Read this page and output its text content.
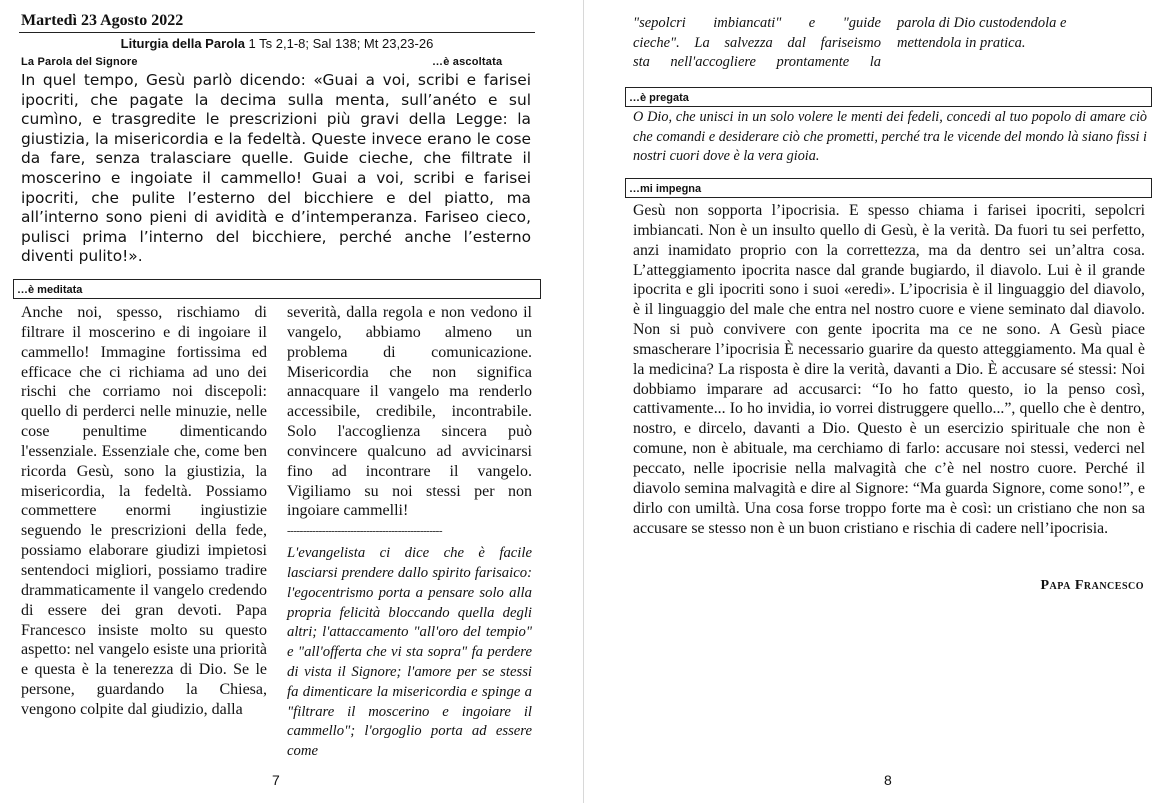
Martedì 23 Agosto 2022
Liturgia della Parola 1 Ts 2,1-8; Sal 138; Mt 23,23-26
La Parola del Signore	…è ascoltata
In quel tempo, Gesù parlò dicendo: «Guai a voi, scribi e farisei ipocriti, che pagate la decima sulla menta, sull’anéto e sul cumìno, e trasgredite le prescrizioni più gravi della Legge: la giustizia, la misericordia e la fedeltà. Queste invece erano le cose da fare, senza tralasciare quelle. Guide cieche, che filtrate il moscerino e ingoiate il cammello! Guai a voi, scribi e farisei ipocriti, che pulite l’esterno del bicchiere e del piatto, ma all’interno sono pieni di avidità e d’intemperanza. Fariseo cieco, pulisci prima l’interno del bicchiere, perché anche l’esterno diventi pulito!».
…è meditata
Anche noi, spesso, rischiamo di filtrare il moscerino e di ingoiare il cammello! Immagine fortissima ed efficace che ci richiama ad uno dei rischi che corriamo noi discepoli: quello di perderci nelle minuzie, nelle cose penultime dimenticando l'essenziale. Essenziale che, come ben ricorda Gesù, sono la giustizia, la misericordia, la fedeltà. Possiamo commettere enormi ingiustizie seguendo le prescrizioni della fede, possiamo elaborare giudizi impietosi sentendoci migliori, possiamo tradire drammaticamente il vangelo credendo di essere dei gran devoti. Papa Francesco insiste molto su questo aspetto: nel vangelo esiste una priorità e questa è la tenerezza di Dio. Se le persone, guardando la Chiesa, vengono colpite dal giudizio, dalla
severità, dalla regola e non vedono il vangelo, abbiamo almeno un problema di comunicazione. Misericordia che non significa annacquare il vangelo ma renderlo accessibile, credibile, incontrabile. Solo l'accoglienza sincera può convincere qualcuno ad avvicinarsi fino ad incontrare il vangelo. Vigiliamo su noi stessi per non ingoiare cammelli!
-------------------------------------------------
L'evangelista ci dice che è facile lasciarsi prendere dallo spirito farisaico: l'egocentrismo porta a pensare solo alla propria felicità bloccando quella degli altri; l'attaccamento "all'oro del tempio" e "all'offerta che vi sta sopra" fa perdere di vista il Signore; l'amore per se stessi fa dimenticare la misericordia e spinge a "filtrare il moscerino e ingoiare il cammello"; l'orgoglio porta ad essere come
7
"sepolcri imbiancati" e "guide
cieche". La salvezza dal fariseismo
sta nell'accogliere prontamente la
parola di Dio custodendola e
mettendola in pratica.
…è pregata
O Dio, che unisci in un solo volere le menti dei fedeli, concedi al tuo popolo di amare ciò che comandi e desiderare ciò che prometti, perché tra le vicende del mondo là siano fissi i nostri cuori dove è la vera gioia.
…mi impegna
Gesù non sopporta l’ipocrisia. E spesso chiama i farisei ipocriti, sepolcri imbiancati. Non è un insulto quello di Gesù, è la verità. Da fuori tu sei perfetto, anzi inamidato proprio con la correttezza, ma da dentro sei un’altra cosa. L’atteggiamento ipocrita nasce dal grande bugiardo, il diavolo. Lui è il grande ipocrita e gli ipocriti sono i suoi «eredi». L’ipocrisia è il linguaggio del diavolo, è il linguaggio del male che entra nel nostro cuore e viene seminato dal diavolo. Non si può convivere con gente ipocrita ma ce ne sono. A Gesù piace smascherare l’ipocrisia È necessario guarire da questo atteggiamento. Ma qual è la medicina? La risposta è dire la verità, davanti a Dio. È accusare sé stessi: Noi dobbiamo imparare ad accusarci: “Io ho fatto questo, io la penso così, cattivamente... Io ho invidia, io vorrei distruggere quello...”, quello che è dentro, nostro, e dircelo, davanti a Dio. Questo è un esercizio spirituale che non è comune, non è abituale, ma cerchiamo di farlo: accusare noi stessi, vederci nel peccato, nelle ipocrisie nella malvagità che c’è nel nostro cuore. Perché il diavolo semina malvagità e dire al Signore: “Ma guarda Signore, come sono!”, e dirlo con umiltà. Una cosa forse troppo forte ma è così: un cristiano che non sa accusare se stesso non è un buon cristiano e rischia di cadere nell’ipocrisia.
Papa Francesco
8
